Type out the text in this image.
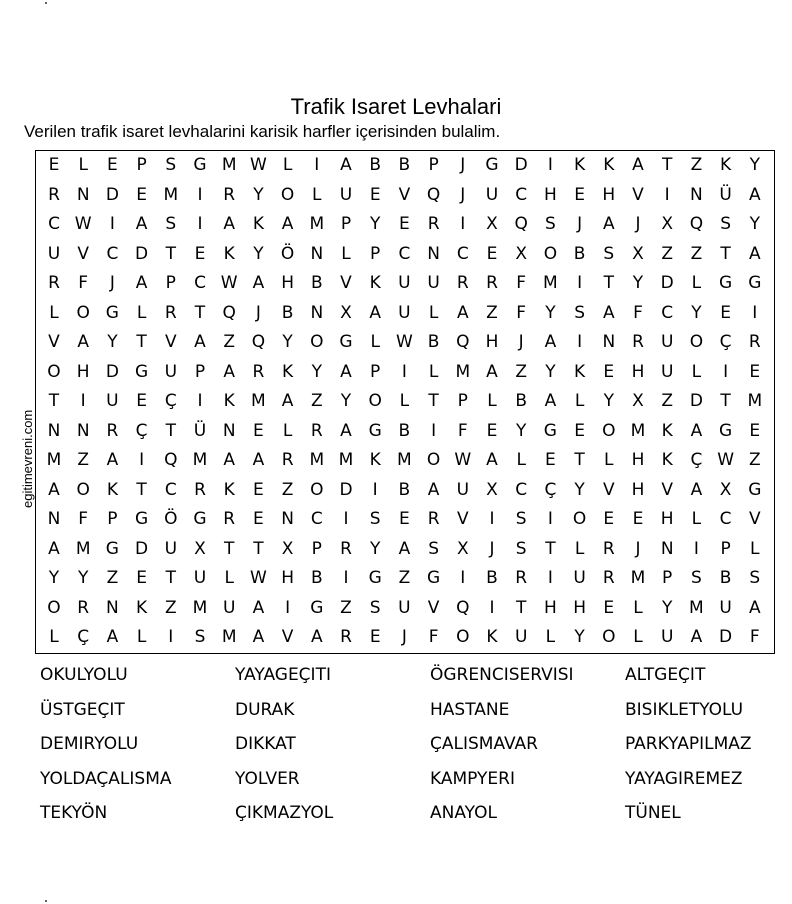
Trafik Isaret Levhalari
Verilen trafik isaret levhalarini karisik harfler içerisinden bulalim.
egitimevreni.com
E	L	E	P	S	G M W L	I	A	B	B	P	J	G D	I	K	K	A	T	Z	K	Y
R N D	E M	I	R	Y	O	L	U	E	V Q	J	U	C H	E	H V	I	N Ü	A
C W	I	A	S	I	A	K	A M P	Y	E	R	I	X Q	S	J	A	J	X Q	S	Y
U	V	C D	T	E	K	Y	Ö N	L	P	C N C	E	X O B	S	X	Z	Z	T	A
R	F	J	A	P	C W A H B	V	K	U U	R	R	F M	I	T	Y	D	L	G G
L	O G	L	R	T	Q	J	B	N	X	A	U	L	A	Z	F	Y	S	A	F	C	Y	E	I
V	A	Y	T	V	A	Z Q	Y	O G	L W B Q H	J	A	I	N R	U O Ç	R
O H D G U	P	A	R	K	Y	A	P	I	L	M A	Z	Y	K	E	H U	L	I	E
T	I	U	E	Ç	I	K M A	Z	Y	O	L	T	P	L	B	A	L	Y	X	Z D	T M
N N R	Ç	T	Ü N	E	L	R	A G B	I	F	E	Y	G	E	O M K	A G	E
M Z	A	I	Q M A	A	R M M K M O W A	L	E	T	L	H	K	Ç W Z
A O K	T	C	R	K	E	Z O D	I	B	A	U	X	C	Ç	Y	V H V	A	X G
N	F	P	G Ö G R	E	N C	I	S	E	R	V	I	S	I	O	E	E	H	L	C	V
A M G D U	X	T	T	X	P	R	Y	A	S	X	J	S	T	L	R	J	N	I	P	L
Y	Y	Z	E	T	U	L W H B	I	G Z G	I	B	R	I	U	R M P	S	B	S
O R N	K	Z M U	A	I	G Z	S	U	V Q	I	T	H H	E	L	Y M U	A
L	Ç	A	L	I	S M A	V	A	R	E	J	F	O K	U	L	Y	O	L	U	A D	F
OKULYOLU	YAYAGEÇITI	ÖGRENCISERVISI	ALTGEÇIT
ÜSTGEÇIT	DURAK	HASTANE	BISIKLETYOLU
DEMIRYOLU	DIKKAT	ÇALISMAVAR	PARKYAPILMAZ
YOLDAÇALISMA	YOLVER	KAMPYERI	YAYAGIREMEZ
TEKYÖN	ÇIKMAZYOL	ANAYOL	TÜNEL
